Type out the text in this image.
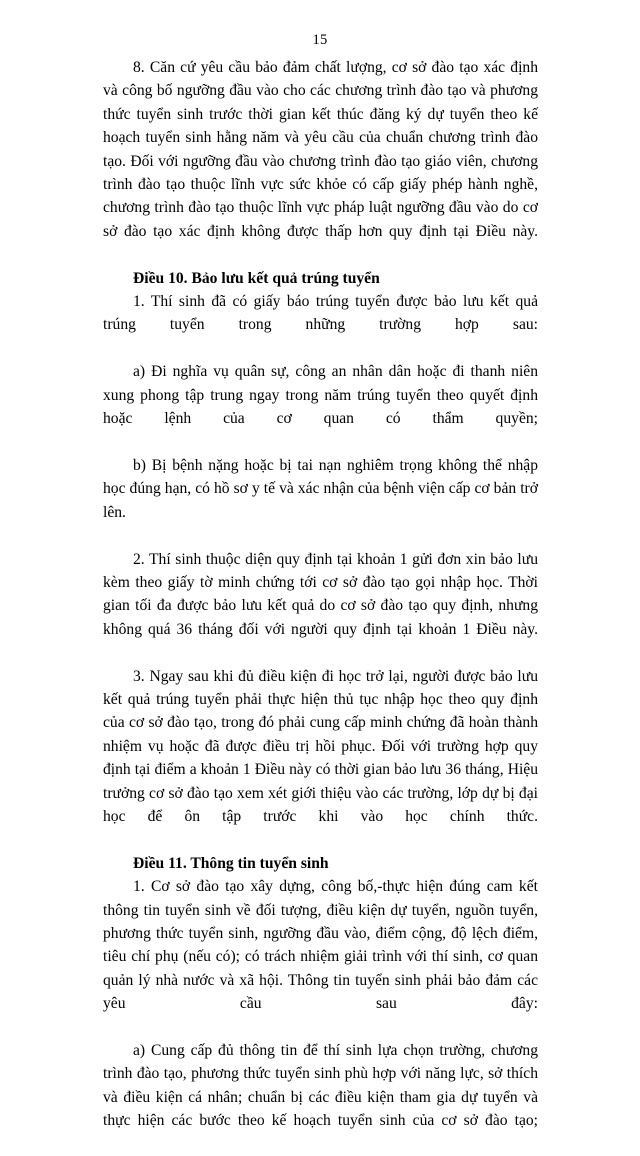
15

8. Căn cứ yêu cầu bảo đảm chất lượng, cơ sở đào tạo xác định và công bố ngưỡng đầu vào cho các chương trình đào tạo và phương thức tuyển sinh trước thời gian kết thúc đăng ký dự tuyển theo kế hoạch tuyển sinh hằng năm và yêu cầu của chuẩn chương trình đào tạo. Đối với ngưỡng đầu vào chương trình đào tạo giáo viên, chương trình đào tạo thuộc lĩnh vực sức khỏe có cấp giấy phép hành nghề, chương trình đào tạo thuộc lĩnh vực pháp luật ngưỡng đầu vào do cơ sở đào tạo xác định không được thấp hơn quy định tại Điều này.

Điều 10. Bảo lưu kết quả trúng tuyển

1. Thí sinh đã có giấy báo trúng tuyển được bảo lưu kết quả trúng tuyển trong những trường hợp sau:

a) Đi nghĩa vụ quân sự, công an nhân dân hoặc đi thanh niên xung phong tập trung ngay trong năm trúng tuyển theo quyết định hoặc lệnh của cơ quan có thẩm quyền;

b) Bị bệnh nặng hoặc bị tai nạn nghiêm trọng không thể nhập học đúng hạn, có hồ sơ y tế và xác nhận của bệnh viện cấp cơ bản trở lên.

2. Thí sinh thuộc diện quy định tại khoản 1 gửi đơn xin bảo lưu kèm theo giấy tờ minh chứng tới cơ sở đào tạo gọi nhập học. Thời gian tối đa được bảo lưu kết quả do cơ sở đào tạo quy định, nhưng không quá 36 tháng đối với người quy định tại khoản 1 Điều này.

3. Ngay sau khi đủ điều kiện đi học trở lại, người được bảo lưu kết quả trúng tuyển phải thực hiện thủ tục nhập học theo quy định của cơ sở đào tạo, trong đó phải cung cấp minh chứng đã hoàn thành nhiệm vụ hoặc đã được điều trị hồi phục. Đối với trường hợp quy định tại điểm a khoản 1 Điều này có thời gian bảo lưu 36 tháng, Hiệu trưởng cơ sở đào tạo xem xét giới thiệu vào các trường, lớp dự bị đại học để ôn tập trước khi vào học chính thức.

Điều 11. Thông tin tuyển sinh

1. Cơ sở đào tạo xây dựng, công bố,-thực hiện đúng cam kết thông tin tuyển sinh về đối tượng, điều kiện dự tuyển, nguồn tuyển, phương thức tuyển sinh, ngưỡng đầu vào, điểm cộng, độ lệch điểm, tiêu chí phụ (nếu có); có trách nhiệm giải trình với thí sinh, cơ quan quản lý nhà nước và xã hội. Thông tin tuyển sinh phải bảo đảm các yêu cầu sau đây:

a) Cung cấp đủ thông tin để thí sinh lựa chọn trường, chương trình đào tạo, phương thức tuyển sinh phù hợp với năng lực, sở thích và điều kiện cá nhân; chuẩn bị các điều kiện tham gia dự tuyển và thực hiện các bước theo kế hoạch tuyển sinh của cơ sở đào tạo;
